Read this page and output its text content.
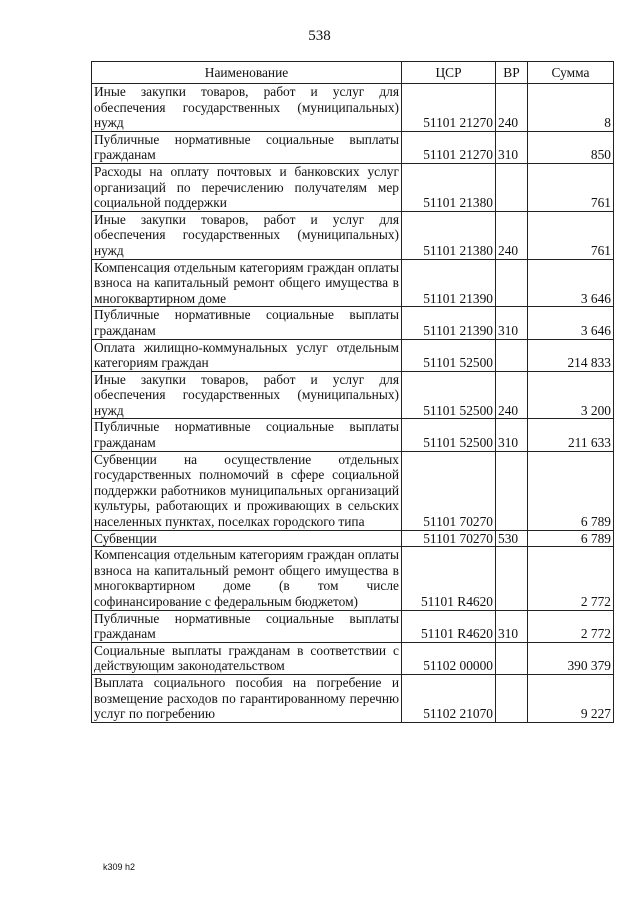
538
Наименование	ЦСР	ВР	Сумма
Иные закупки товаров, работ и услуг для обеспечения государственных (муниципальных) нужд	51101 21270	240	8
Публичные нормативные социальные выплаты гражданам	51101 21270	310	850
Расходы на оплату почтовых и банковских услуг организаций по перечислению получателям мер социальной поддержки	51101 21380		761
Иные закупки товаров, работ и услуг для обеспечения государственных (муниципальных) нужд	51101 21380	240	761
Компенсация отдельным категориям граждан оплаты взноса на капитальный ремонт общего имущества в многоквартирном доме	51101 21390		3 646
Публичные нормативные социальные выплаты гражданам	51101 21390	310	3 646
Оплата жилищно-коммунальных услуг отдельным категориям граждан	51101 52500		214 833
Иные закупки товаров, работ и услуг для обеспечения государственных (муниципальных) нужд	51101 52500	240	3 200
Публичные нормативные социальные выплаты гражданам	51101 52500	310	211 633
Субвенции на осуществление отдельных государственных полномочий в сфере социальной поддержки работников муниципальных организаций культуры, работающих и проживающих в сельских населенных пунктах, поселках городского типа	51101 70270		6 789
Субвенции	51101 70270	530	6 789
Компенсация отдельным категориям граждан оплаты взноса на капитальный ремонт общего имущества в многоквартирном доме (в том числе софинансирование с федеральным бюджетом)	51101 R4620		2 772
Публичные нормативные социальные выплаты гражданам	51101 R4620	310	2 772
Социальные выплаты гражданам в соответствии с действующим законодательством	51102 00000		390 379
Выплата социального пособия на погребение и возмещение расходов по гарантированному перечню услуг по погребению	51102 21070		9 227
k309 h2
